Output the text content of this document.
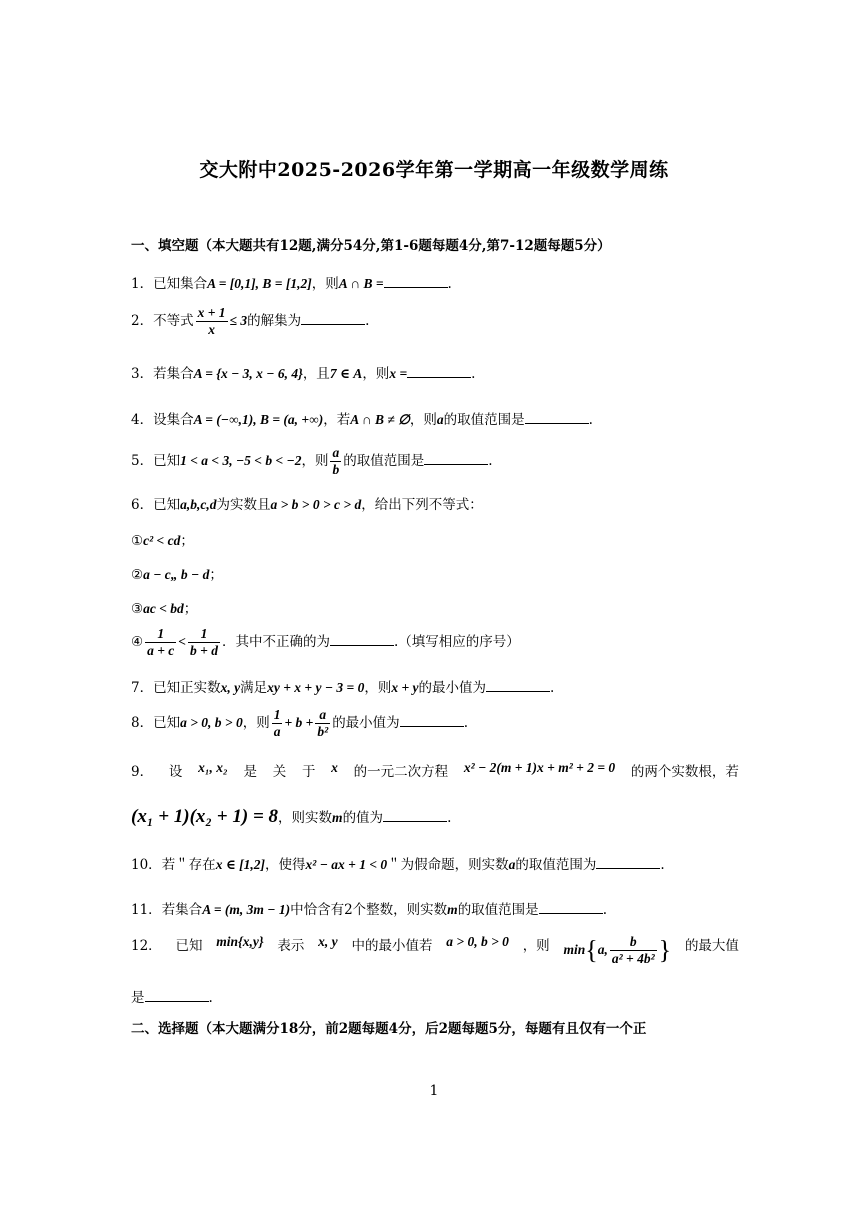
交大附中2025-2026学年第一学期高一年级数学周练
一、填空题（本大题共有12题,满分54分,第1-6题每题4分,第7-12题每题5分）
1．已知集合A = [0,1], B = [1,2]，则A ∩ B =	.
2．不等式 $\frac{x + 1}{x} \le 3$的解集为	.
3．若集合A = {x − 3, x − 6, 4}，且7 ∈ A，则x =	.
4．设集合A = (−∞,1), B = (a, +∞)，若A ∩ B ≠ ∅，则a的取值范围是	.
5．已知1 < a < 3, −5 < b < −2，则 $\frac{a}{b}$ 的取值范围是	.
6．已知a,b,c,d为实数且a > b > 0 > c > d，给出下列不等式：
①c² < cd；
②a − c„ b − d；
③ac < bd；
④ $\frac{1}{a + c} < \frac{1}{b + d}$ ．其中不正确的为	.（填写相应的序号）
7．已知正实数x, y满足xy + x + y − 3 = 0，则x + y的最小值为	.
8．已知a > 0, b > 0，则 $\frac{1}{a} + b + \frac{a}{\text{b²}}$ 的最小值为	.
9． 设 x₁, x₂ 是 关 于 x 的一元二次方程 x² − 2(m + 1)x + m² + 2 = 0 的两个实数根，若
(x₁ + 1)(x₂ + 1) = 8，则实数m的值为	.
10．若＂存在x ∈ [1,2]，使得x² − ax + 1 < 0＂为假命题，则实数a的取值范围为	.
11．若集合A = (m, 3m − 1)中恰含有2个整数，则实数m的取值范围是	.
12． 已知 min{x,y} 表示 x, y 中的最小值若 a > 0, b > 0 ，则 min{a, $\frac{b}{\text{a² + 4b²}}$ } 的最大值
是	.
二、选择题（本大题满分18分，前2题每题4分，后2题每题5分，每题有且仅有一个正
1
